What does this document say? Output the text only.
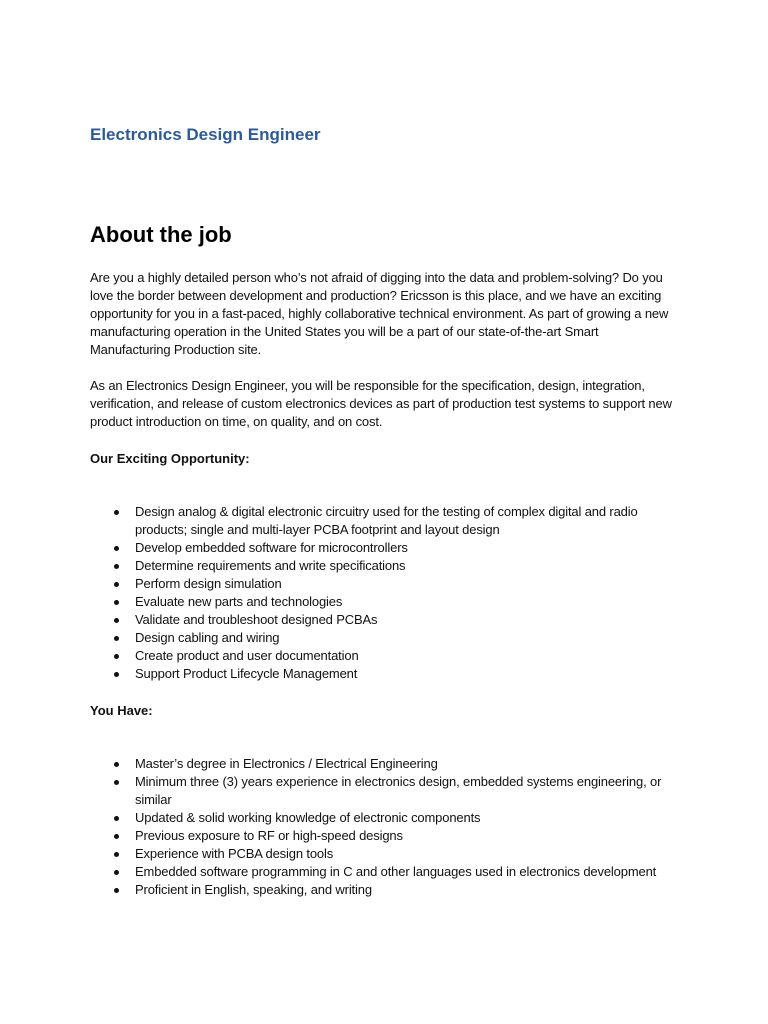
Electronics Design Engineer
About the job

Are you a highly detailed person who’s not afraid of digging into the data and problem-solving? Do you love the border between development and production? Ericsson is this place, and we have an exciting opportunity for you in a fast-paced, highly collaborative technical environment. As part of growing a new manufacturing operation in the United States you will be a part of our state-of-the-art Smart Manufacturing Production site.

As an Electronics Design Engineer, you will be responsible for the specification, design, integration, verification, and release of custom electronics devices as part of production test systems to support new product introduction on time, on quality, and on cost.

Our Exciting Opportunity:

Design analog & digital electronic circuitry used for the testing of complex digital and radio products; single and multi-layer PCBA footprint and layout design
Develop embedded software for microcontrollers
Determine requirements and write specifications
Perform design simulation
Evaluate new parts and technologies
Validate and troubleshoot designed PCBAs
Design cabling and wiring
Create product and user documentation
Support Product Lifecycle Management

You Have:

Master’s degree in Electronics / Electrical Engineering
Minimum three (3) years experience in electronics design, embedded systems engineering, or similar
Updated & solid working knowledge of electronic components
Previous exposure to RF or high-speed designs
Experience with PCBA design tools
Embedded software programming in C and other languages used in electronics development
Proficient in English, speaking, and writing
